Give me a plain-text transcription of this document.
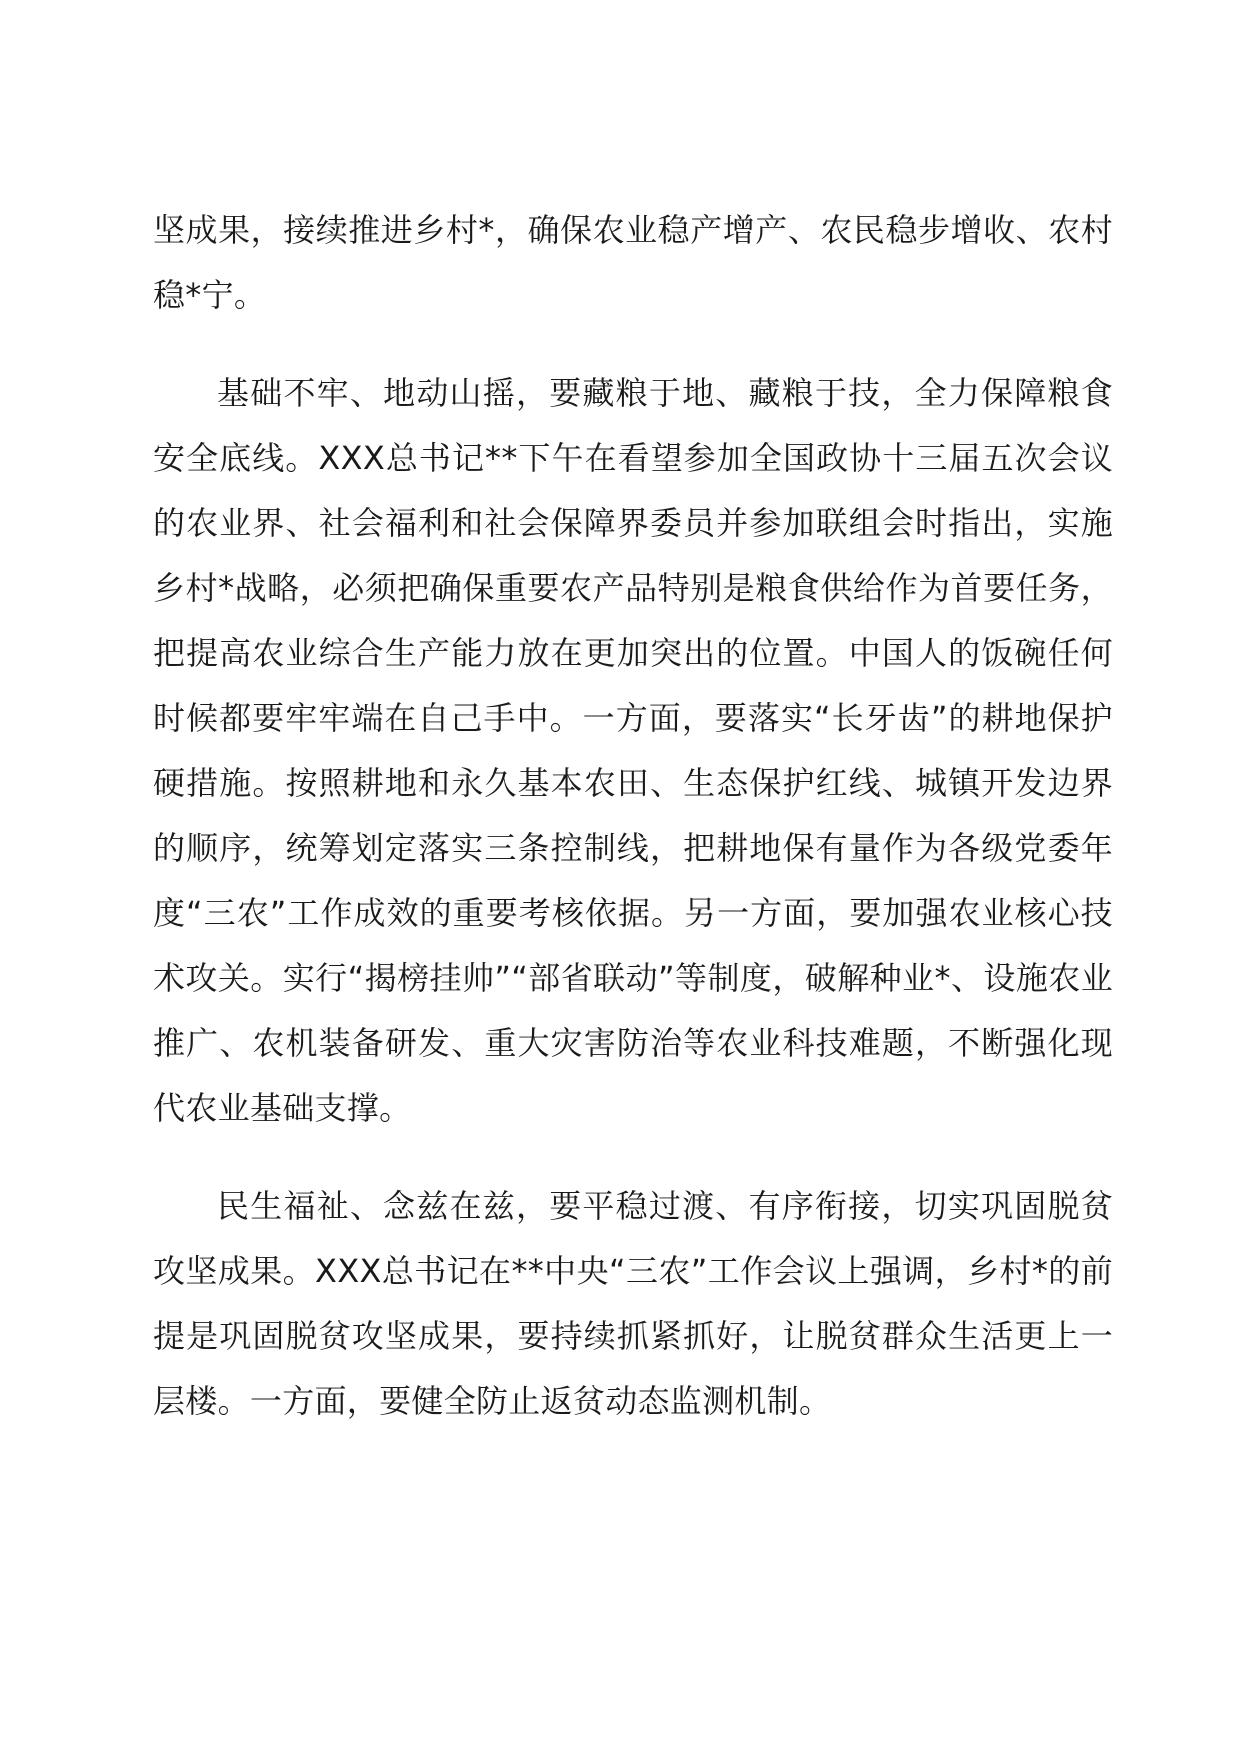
坚成果，接续推进乡村*，确保农业稳产增产、农民稳步增收、农村稳*宁。

基础不牢、地动山摇，要藏粮于地、藏粮于技，全力保障粮食安全底线。XXX总书记**下午在看望参加全国政协十三届五次会议的农业界、社会福利和社会保障界委员并参加联组会时指出，实施乡村*战略，必须把确保重要农产品特别是粮食供给作为首要任务，把提高农业综合生产能力放在更加突出的位置。中国人的饭碗任何时候都要牢牢端在自己手中。一方面，要落实“长牙齿”的耕地保护硬措施。按照耕地和永久基本农田、生态保护红线、城镇开发边界的顺序，统筹划定落实三条控制线，把耕地保有量作为各级党委年度“三农”工作成效的重要考核依据。另一方面，要加强农业核心技术攻关。实行“揭榜挂帅”“部省联动”等制度，破解种业*、设施农业推广、农机装备研发、重大灾害防治等农业科技难题，不断强化现代农业基础支撑。

民生福祉、念兹在兹，要平稳过渡、有序衔接，切实巩固脱贫攻坚成果。XXX总书记在**中央“三农”工作会议上强调，乡村*的前提是巩固脱贫攻坚成果，要持续抓紧抓好，让脱贫群众生活更上一层楼。一方面，要健全防止返贫动态监测机制。
